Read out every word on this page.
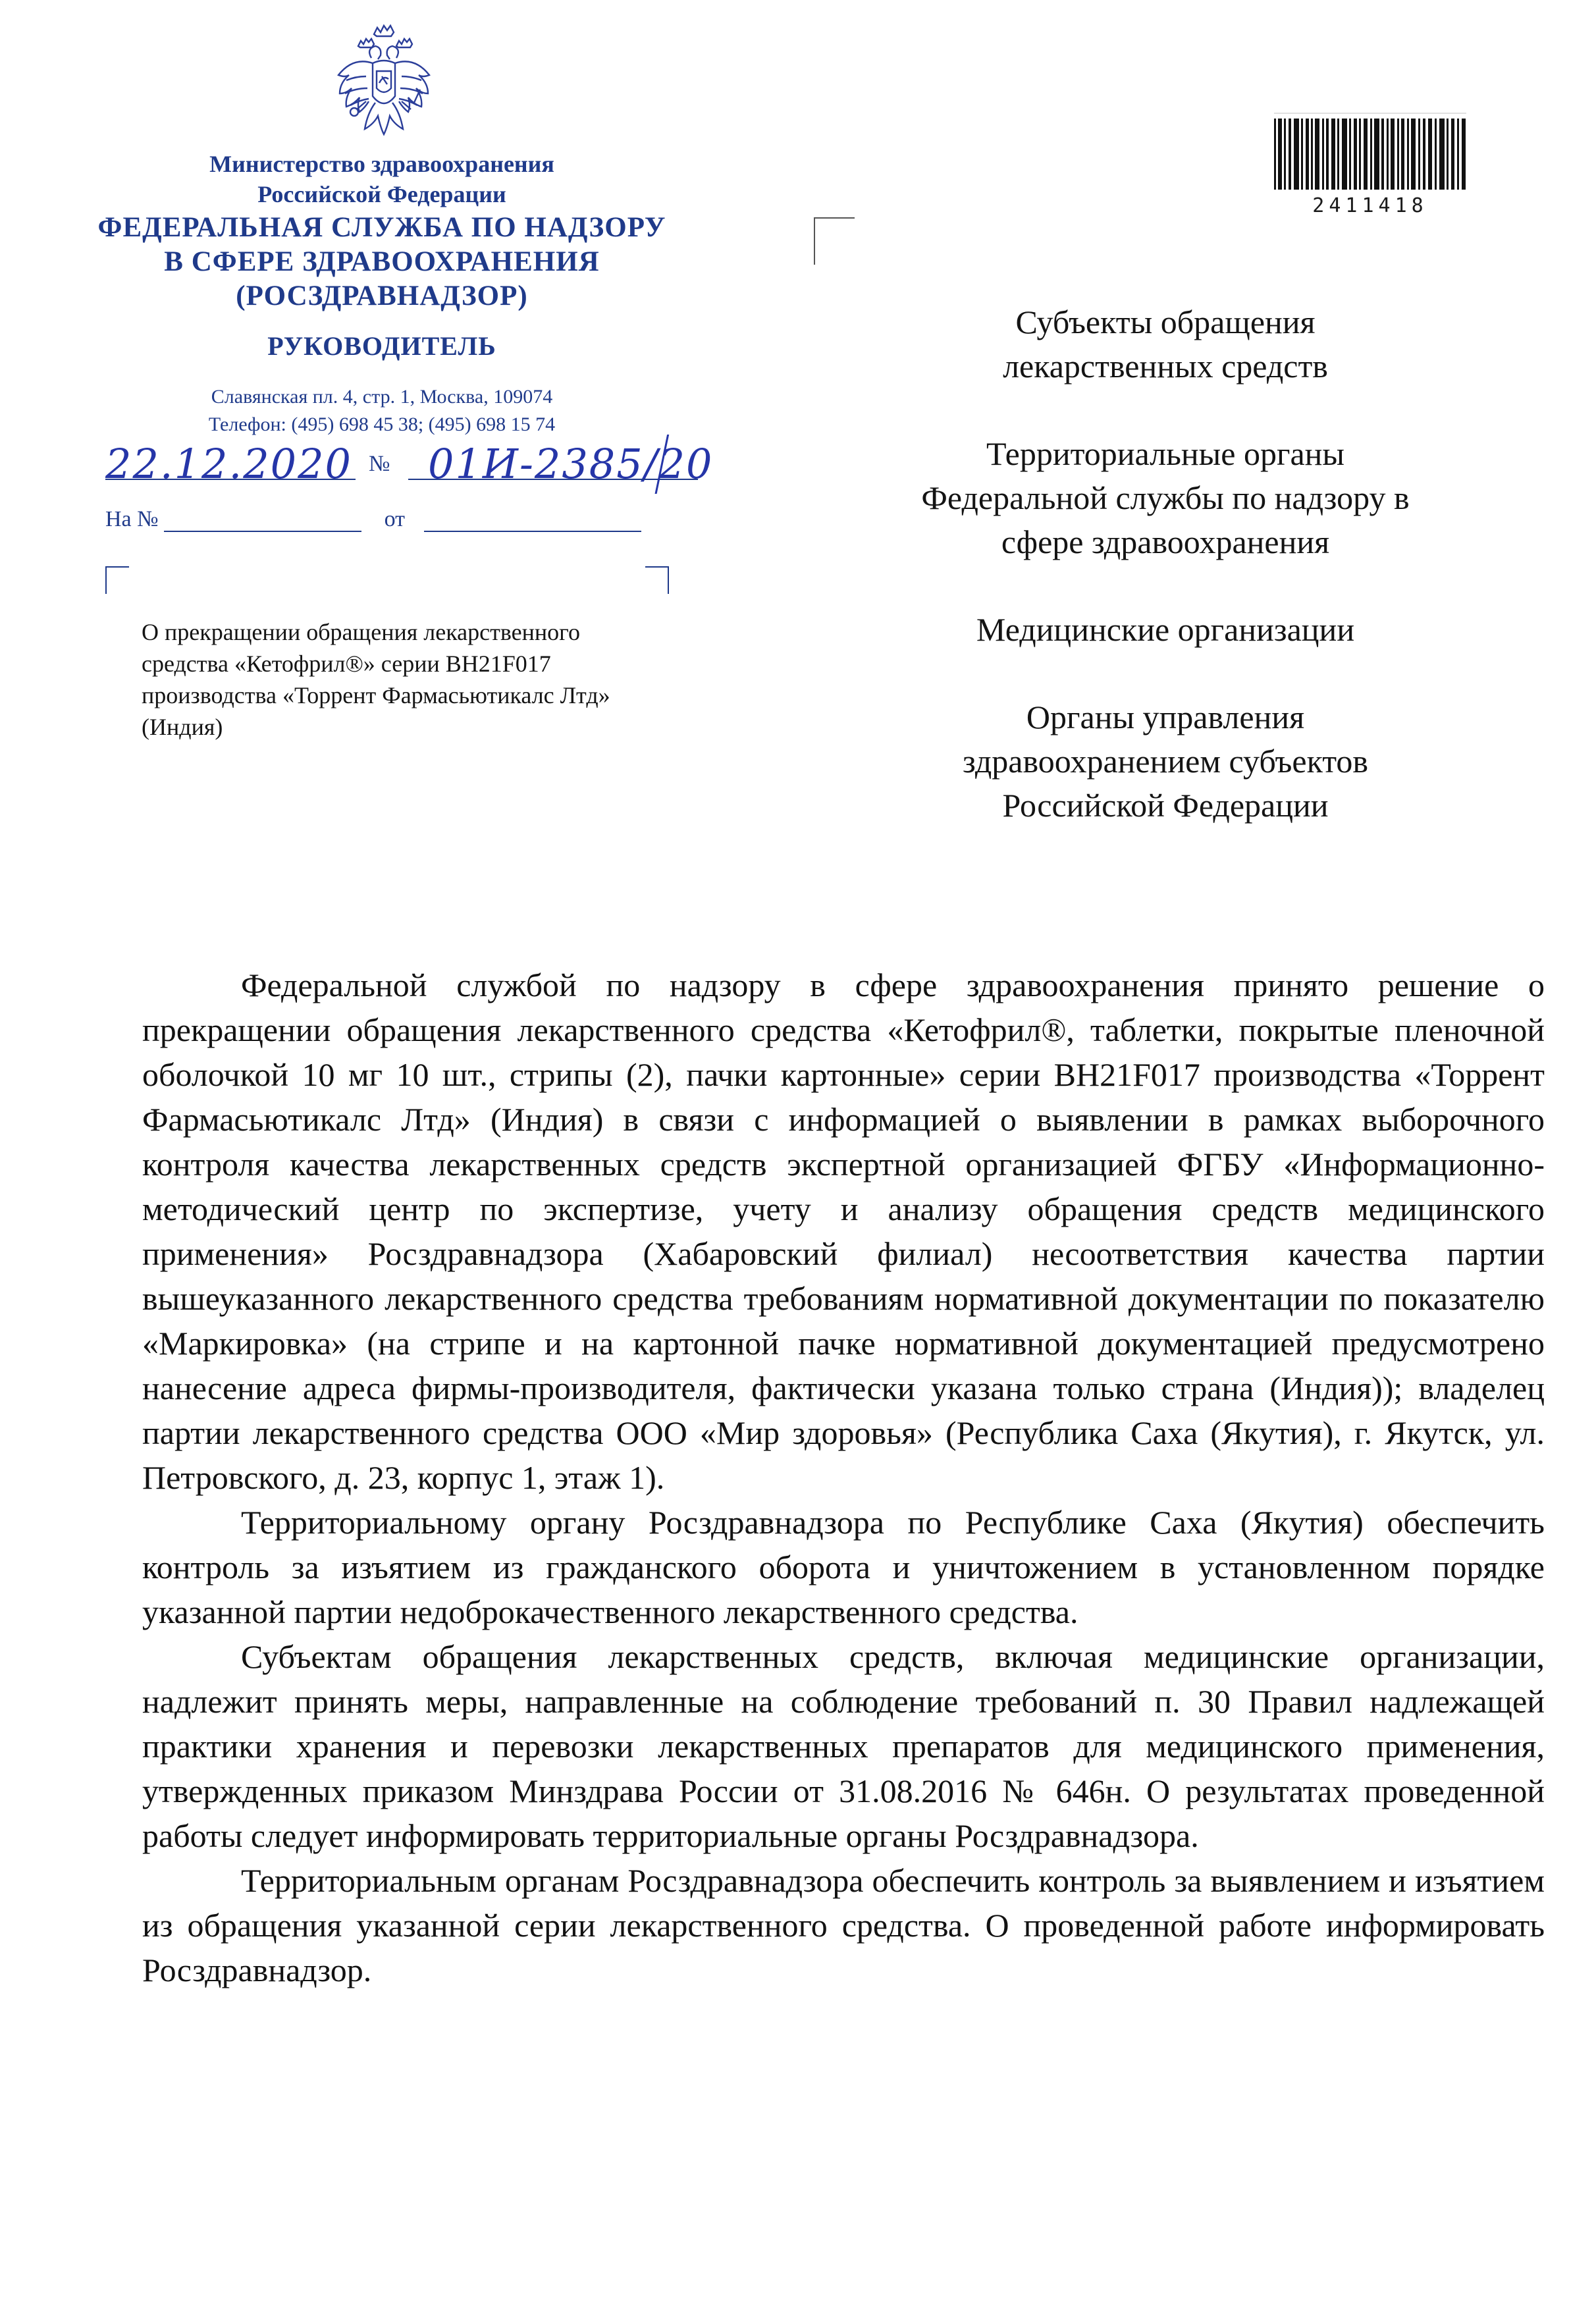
Министерство здравоохранения
Российской Федерации
ФЕДЕРАЛЬНАЯ СЛУЖБА ПО НАДЗОРУ
В СФЕРЕ ЗДРАВООХРАНЕНИЯ
(РОСЗДРАВНАДЗОР)
РУКОВОДИТЕЛЬ
Славянская пл. 4, стр. 1, Москва, 109074
Телефон: (495) 698 45 38; (495) 698 15 74
22.12.2020 № 01И-2385/20
На №	от
О прекращении обращения лекарственного
средства «Кетофрил®» серии BH21F017
производства «Торрент Фармасьютикалс Лтд»
(Индия)
2411418
Субъекты обращения
лекарственных средств
Территориальные органы
Федеральной службы по надзору в
сфере здравоохранения
Медицинские организации
Органы управления
здравоохранением субъектов
Российской Федерации

Федеральной службой по надзору в сфере здравоохранения принято решение о прекращении обращения лекарственного средства «Кетофрил®, таблетки, покрытые пленочной оболочкой 10 мг 10 шт., стрипы (2), пачки картонные» серии BH21F017 производства «Торрент Фармасьютикалс Лтд» (Индия) в связи с информацией о выявлении в рамках выборочного контроля качества лекарственных средств экспертной организацией ФГБУ «Информационно-методический центр по экспертизе, учету и анализу обращения средств медицинского применения» Росздравнадзора (Хабаровский филиал) несоответствия качества партии вышеуказанного лекарственного средства требованиям нормативной документации по показателю «Маркировка» (на стрипе и на картонной пачке нормативной документацией предусмотрено нанесение адреса фирмы-производителя, фактически указана только страна (Индия)); владелец партии лекарственного средства ООО «Мир здоровья» (Республика Саха (Якутия), г. Якутск, ул. Петровского, д. 23, корпус 1, этаж 1).

Территориальному органу Росздравнадзора по Республике Саха (Якутия) обеспечить контроль за изъятием из гражданского оборота и уничтожением в установленном порядке указанной партии недоброкачественного лекарственного средства.

Субъектам обращения лекарственных средств, включая медицинские организации, надлежит принять меры, направленные на соблюдение требований п. 30 Правил надлежащей практики хранения и перевозки лекарственных препаратов для медицинского применения, утвержденных приказом Минздрава России от 31.08.2016 № 646н. О результатах проведенной работы следует информировать территориальные органы Росздравнадзора.

Территориальным органам Росздравнадзора обеспечить контроль за выявлением и изъятием из обращения указанной серии лекарственного средства. О проведенной работе информировать Росздравнадзор.
